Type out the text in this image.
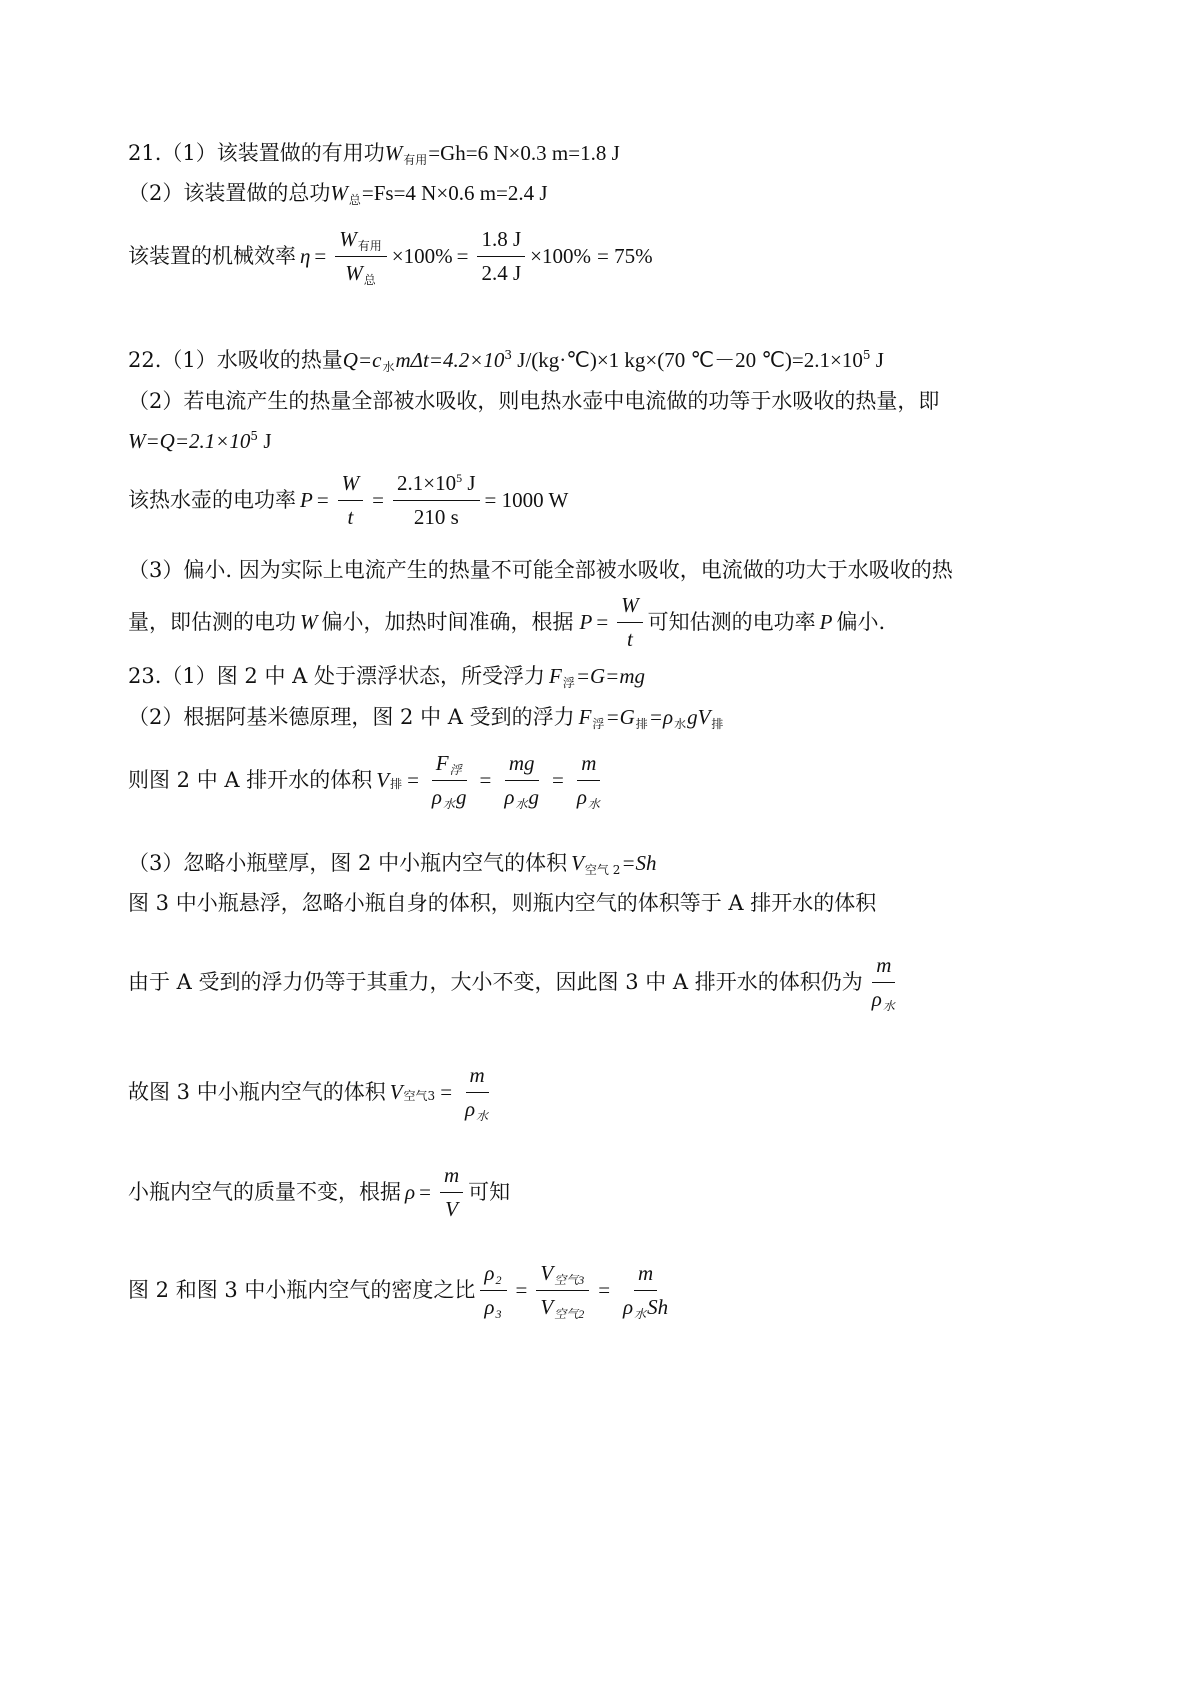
21.（1）该装置做的有用功W有用=Gh=6 N×0.3 m=1.8 J
（2）该装置做的总功W总=Fs=4 N×0.6 m=2.4 J
该装置的机械效率 $\eta = \frac{\text{W有用}}{\text{W总}} \times 100\% = \frac{1.8 J}{2.4 J} \times 100\% = 75\%$
22.（1）水吸收的热量Q=c水$m\Delta t=4.2\times 10^3$ J/(kg·℃)×1 kg×(70 ℃－20 $℃)=2.1\times 10^5$ J
（2）若电流产生的热量全部被水吸收，则电热水壶中电流做的功等于水吸收的热量，即
$W=Q=2.1\times 10^5$ J
该热水壶的电功率 $P = \frac{W}{t} = \frac{2.1\times 10^5 J}{210 s} = 1000$ W
（3）偏小. 因为实际上电流产生的热量不可能全部被水吸收，电流做的功大于水吸收的热
量，即估测的电功 W 偏小，加热时间准确，根据 $P = \frac{W}{t}$ 可知估测的电功率 P 偏小.
23.（1）图 2 中 A 处于漂浮状态，所受浮力 F浮=G=mg
（2）根据阿基米德原理，图 2 中 A 受到的浮力 F浮=G排=ρ水gV排
则图 2 中 A 排开水的体积 V 排 = $\frac{\text{F浮}}{\text{ρ水g}} = \frac{mg}{\text{ρ水g}} = \frac{m}{\text{ρ水}}$
（3）忽略小瓶壁厚，图 2 中小瓶内空气的体积 V空气 2=Sh
图 3 中小瓶悬浮，忽略小瓶自身的体积，则瓶内空气的体积等于 A 排开水的体积
由于 A 受到的浮力仍等于其重力，大小不变，因此图 3 中 A 排开水的体积仍为 $\frac{m}{\text{ρ水}}$
故图 3 中小瓶内空气的体积 V 空气$3 = \frac{m}{\text{ρ水}}$
小瓶内空气的质量不变，根据 $\rho = \frac{m}{V}$ 可知
图 2 和图 3 中小瓶内空气的密度之比 $\frac{\rho 2}{\rho 3} = \frac{\text{V空气3}}{\text{V空气2}} = \frac{m}{\text{ρ水Sh}}$
